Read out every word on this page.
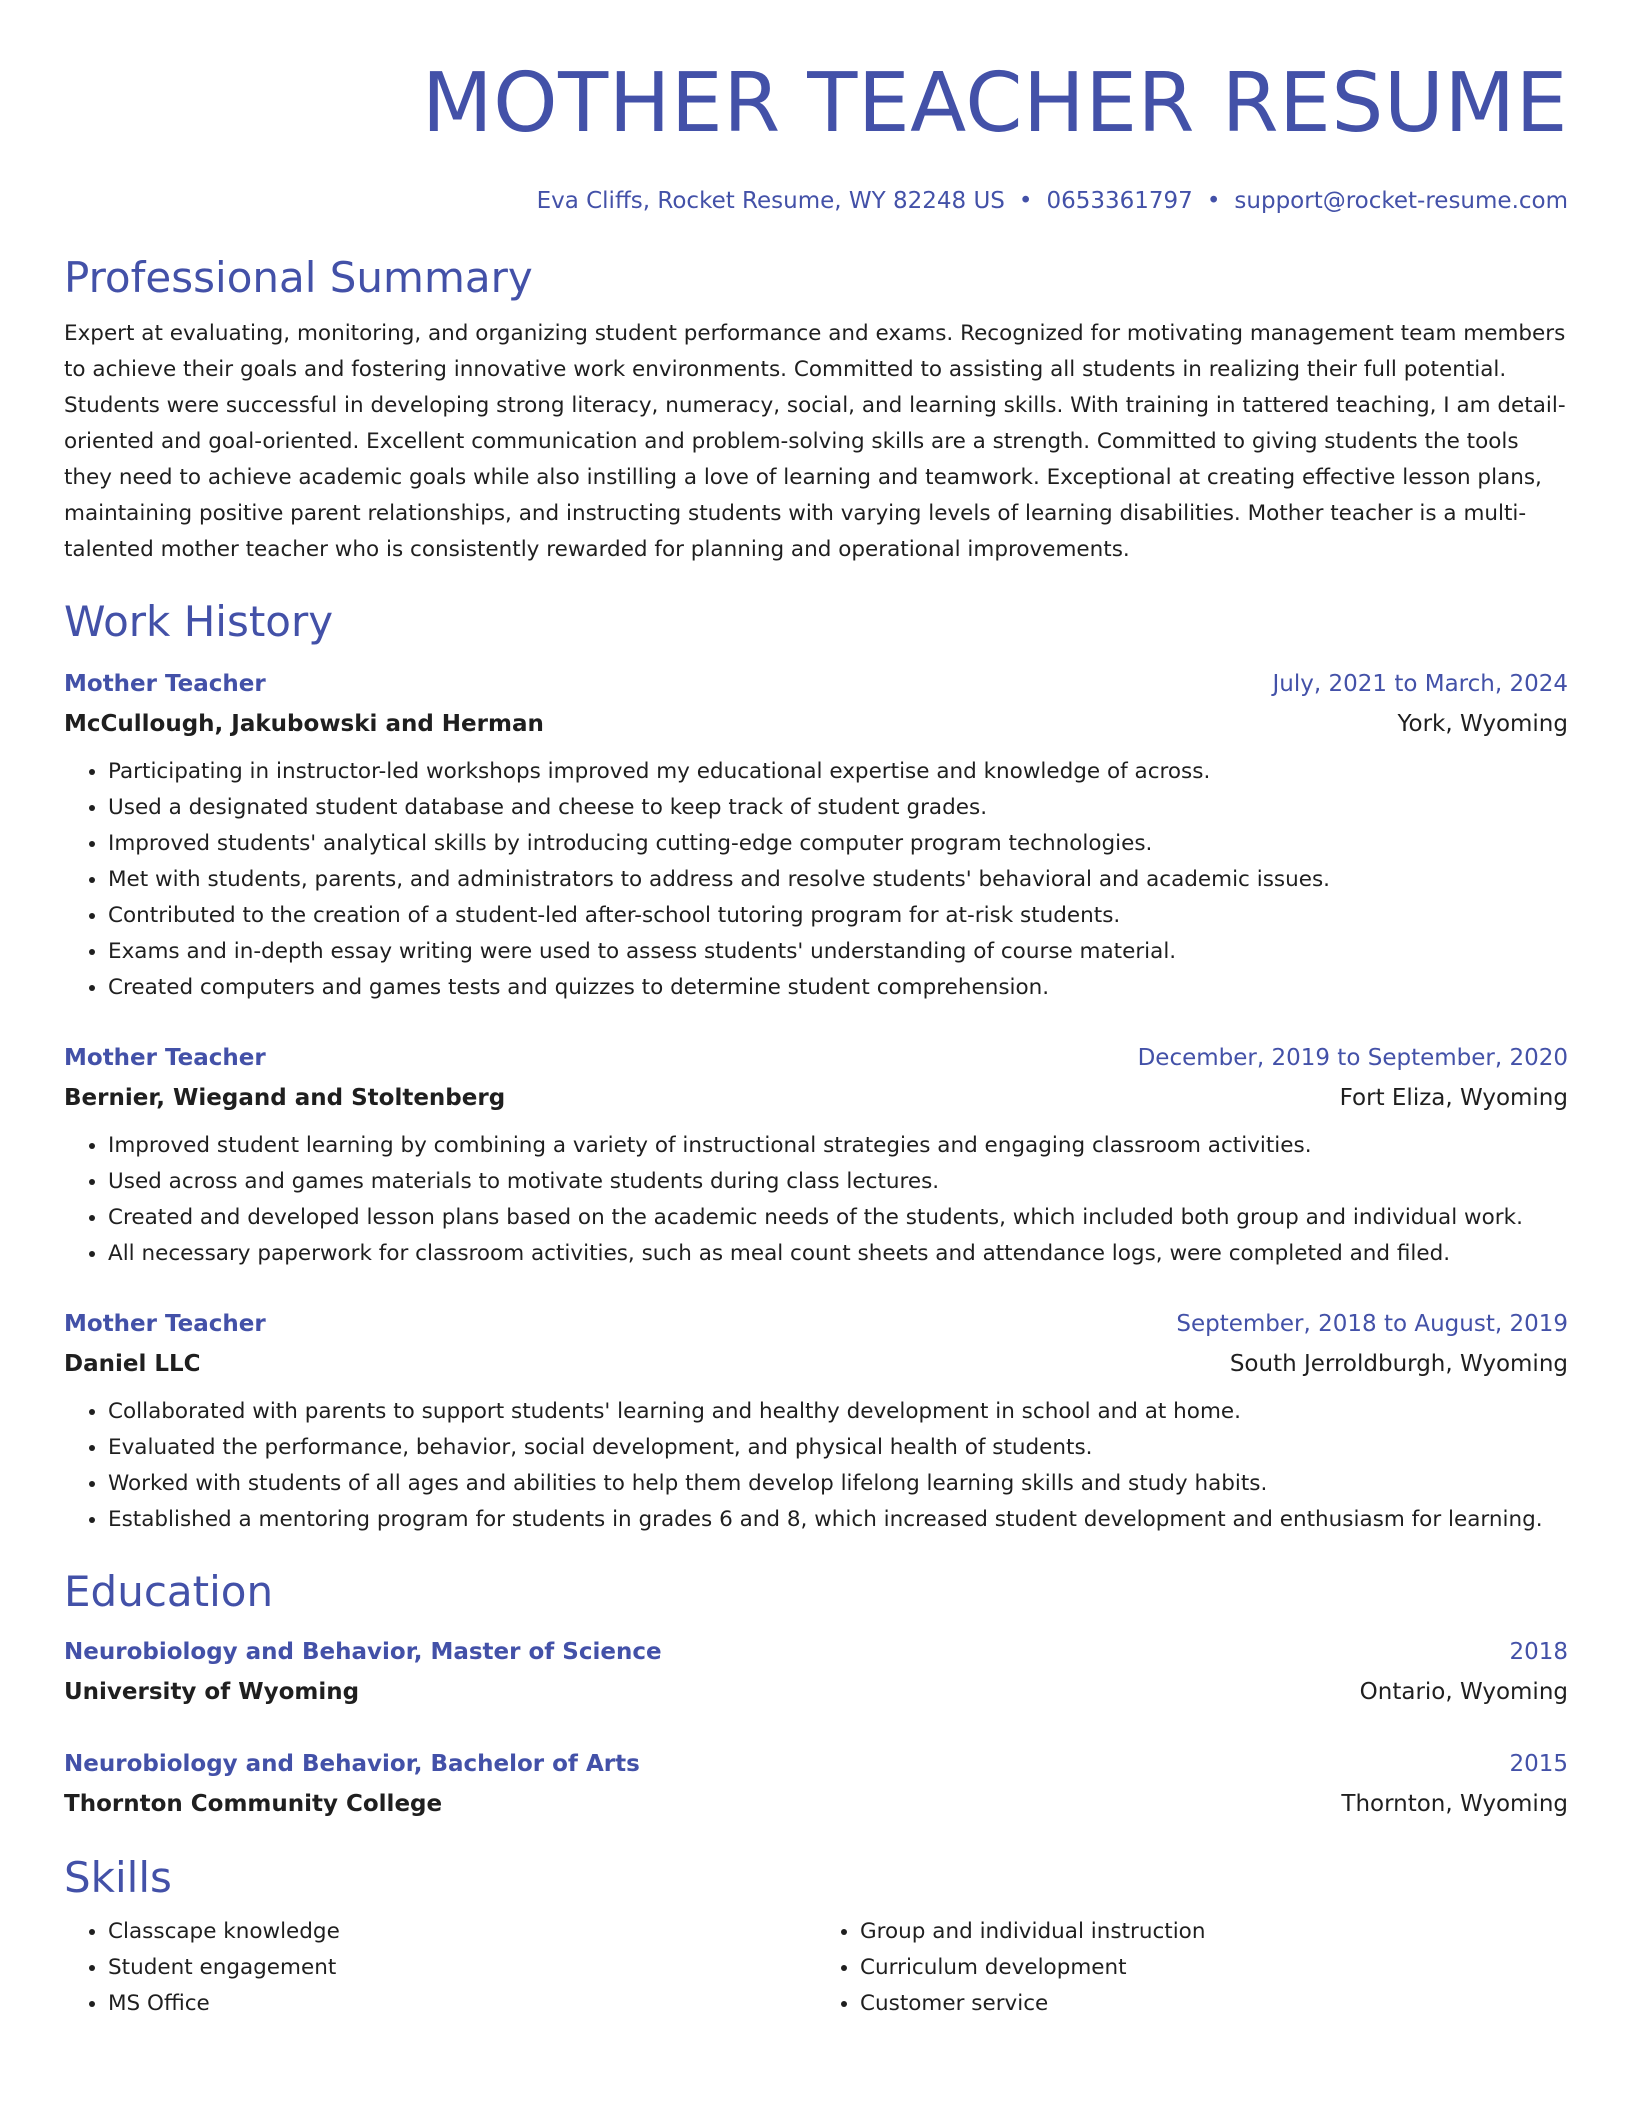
MOTHER TEACHER RESUME
Eva Cliffs, Rocket Resume, WY 82248 US • 0653361797 • support@rocket-resume.com
Professional Summary
Expert at evaluating, monitoring, and organizing student performance and exams. Recognized for motivating management team members to achieve their goals and fostering innovative work environments. Committed to assisting all students in realizing their full potential. Students were successful in developing strong literacy, numeracy, social, and learning skills. With training in tattered teaching, I am detail-oriented and goal-oriented. Excellent communication and problem-solving skills are a strength. Committed to giving students the tools they need to achieve academic goals while also instilling a love of learning and teamwork. Exceptional at creating effective lesson plans, maintaining positive parent relationships, and instructing students with varying levels of learning disabilities. Mother teacher is a multi-talented mother teacher who is consistently rewarded for planning and operational improvements.
Work History
Mother Teacher	July, 2021 to March, 2024
McCullough, Jakubowski and Herman	York, Wyoming
• Participating in instructor-led workshops improved my educational expertise and knowledge of across.
• Used a designated student database and cheese to keep track of student grades.
• Improved students' analytical skills by introducing cutting-edge computer program technologies.
• Met with students, parents, and administrators to address and resolve students' behavioral and academic issues.
• Contributed to the creation of a student-led after-school tutoring program for at-risk students.
• Exams and in-depth essay writing were used to assess students' understanding of course material.
• Created computers and games tests and quizzes to determine student comprehension.
Mother Teacher	December, 2019 to September, 2020
Bernier, Wiegand and Stoltenberg	Fort Eliza, Wyoming
• Improved student learning by combining a variety of instructional strategies and engaging classroom activities.
• Used across and games materials to motivate students during class lectures.
• Created and developed lesson plans based on the academic needs of the students, which included both group and individual work.
• All necessary paperwork for classroom activities, such as meal count sheets and attendance logs, were completed and filed.
Mother Teacher	September, 2018 to August, 2019
Daniel LLC	South Jerroldburgh, Wyoming
• Collaborated with parents to support students' learning and healthy development in school and at home.
• Evaluated the performance, behavior, social development, and physical health of students.
• Worked with students of all ages and abilities to help them develop lifelong learning skills and study habits.
• Established a mentoring program for students in grades 6 and 8, which increased student development and enthusiasm for learning.
Education
Neurobiology and Behavior, Master of Science	2018
University of Wyoming	Ontario, Wyoming
Neurobiology and Behavior, Bachelor of Arts	2015
Thornton Community College	Thornton, Wyoming
Skills
• Classcape knowledge
• Student engagement
• MS Office
• Group and individual instruction
• Curriculum development
• Customer service
